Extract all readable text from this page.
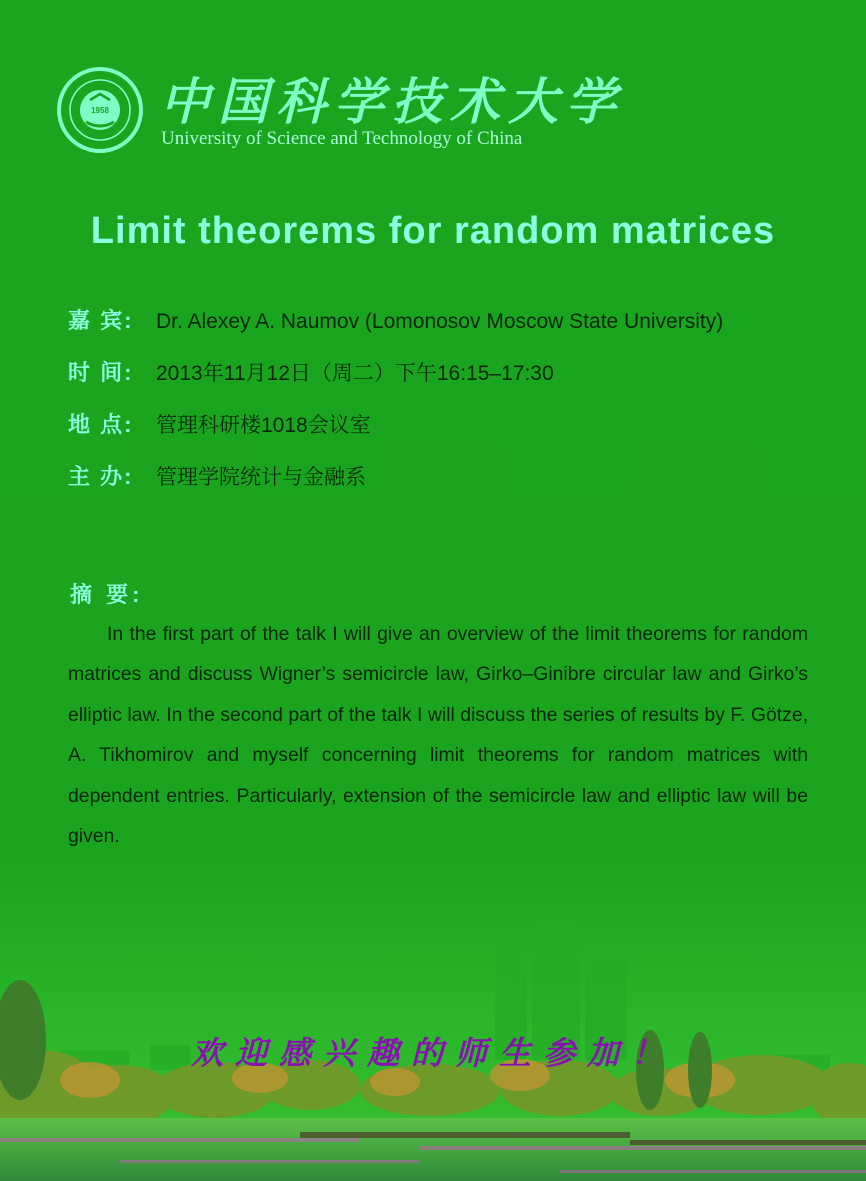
1958 中国科学技术大学
University of Science and Technology of China
Limit theorems for random matrices
嘉 宾: Dr. Alexey A. Naumov (Lomonosov Moscow State University)
时 间: 2013年11月12日（周二）下午16:15–17:30
地 点: 管理科研楼1018会议室
主 办: 管理学院统计与金融系
摘 要:

In the first part of the talk I will give an overview of the limit theorems for random matrices and discuss Wigner’s semicircle law, Girko–Ginibre circular law and Girko’s elliptic law. In the second part of the talk I will discuss the series of results by F. Götze, A. Tikhomirov and myself concerning limit theorems for random matrices with dependent entries. Particularly, extension of the semicircle law and elliptic law will be given.

欢迎感兴趣的师生参加！
